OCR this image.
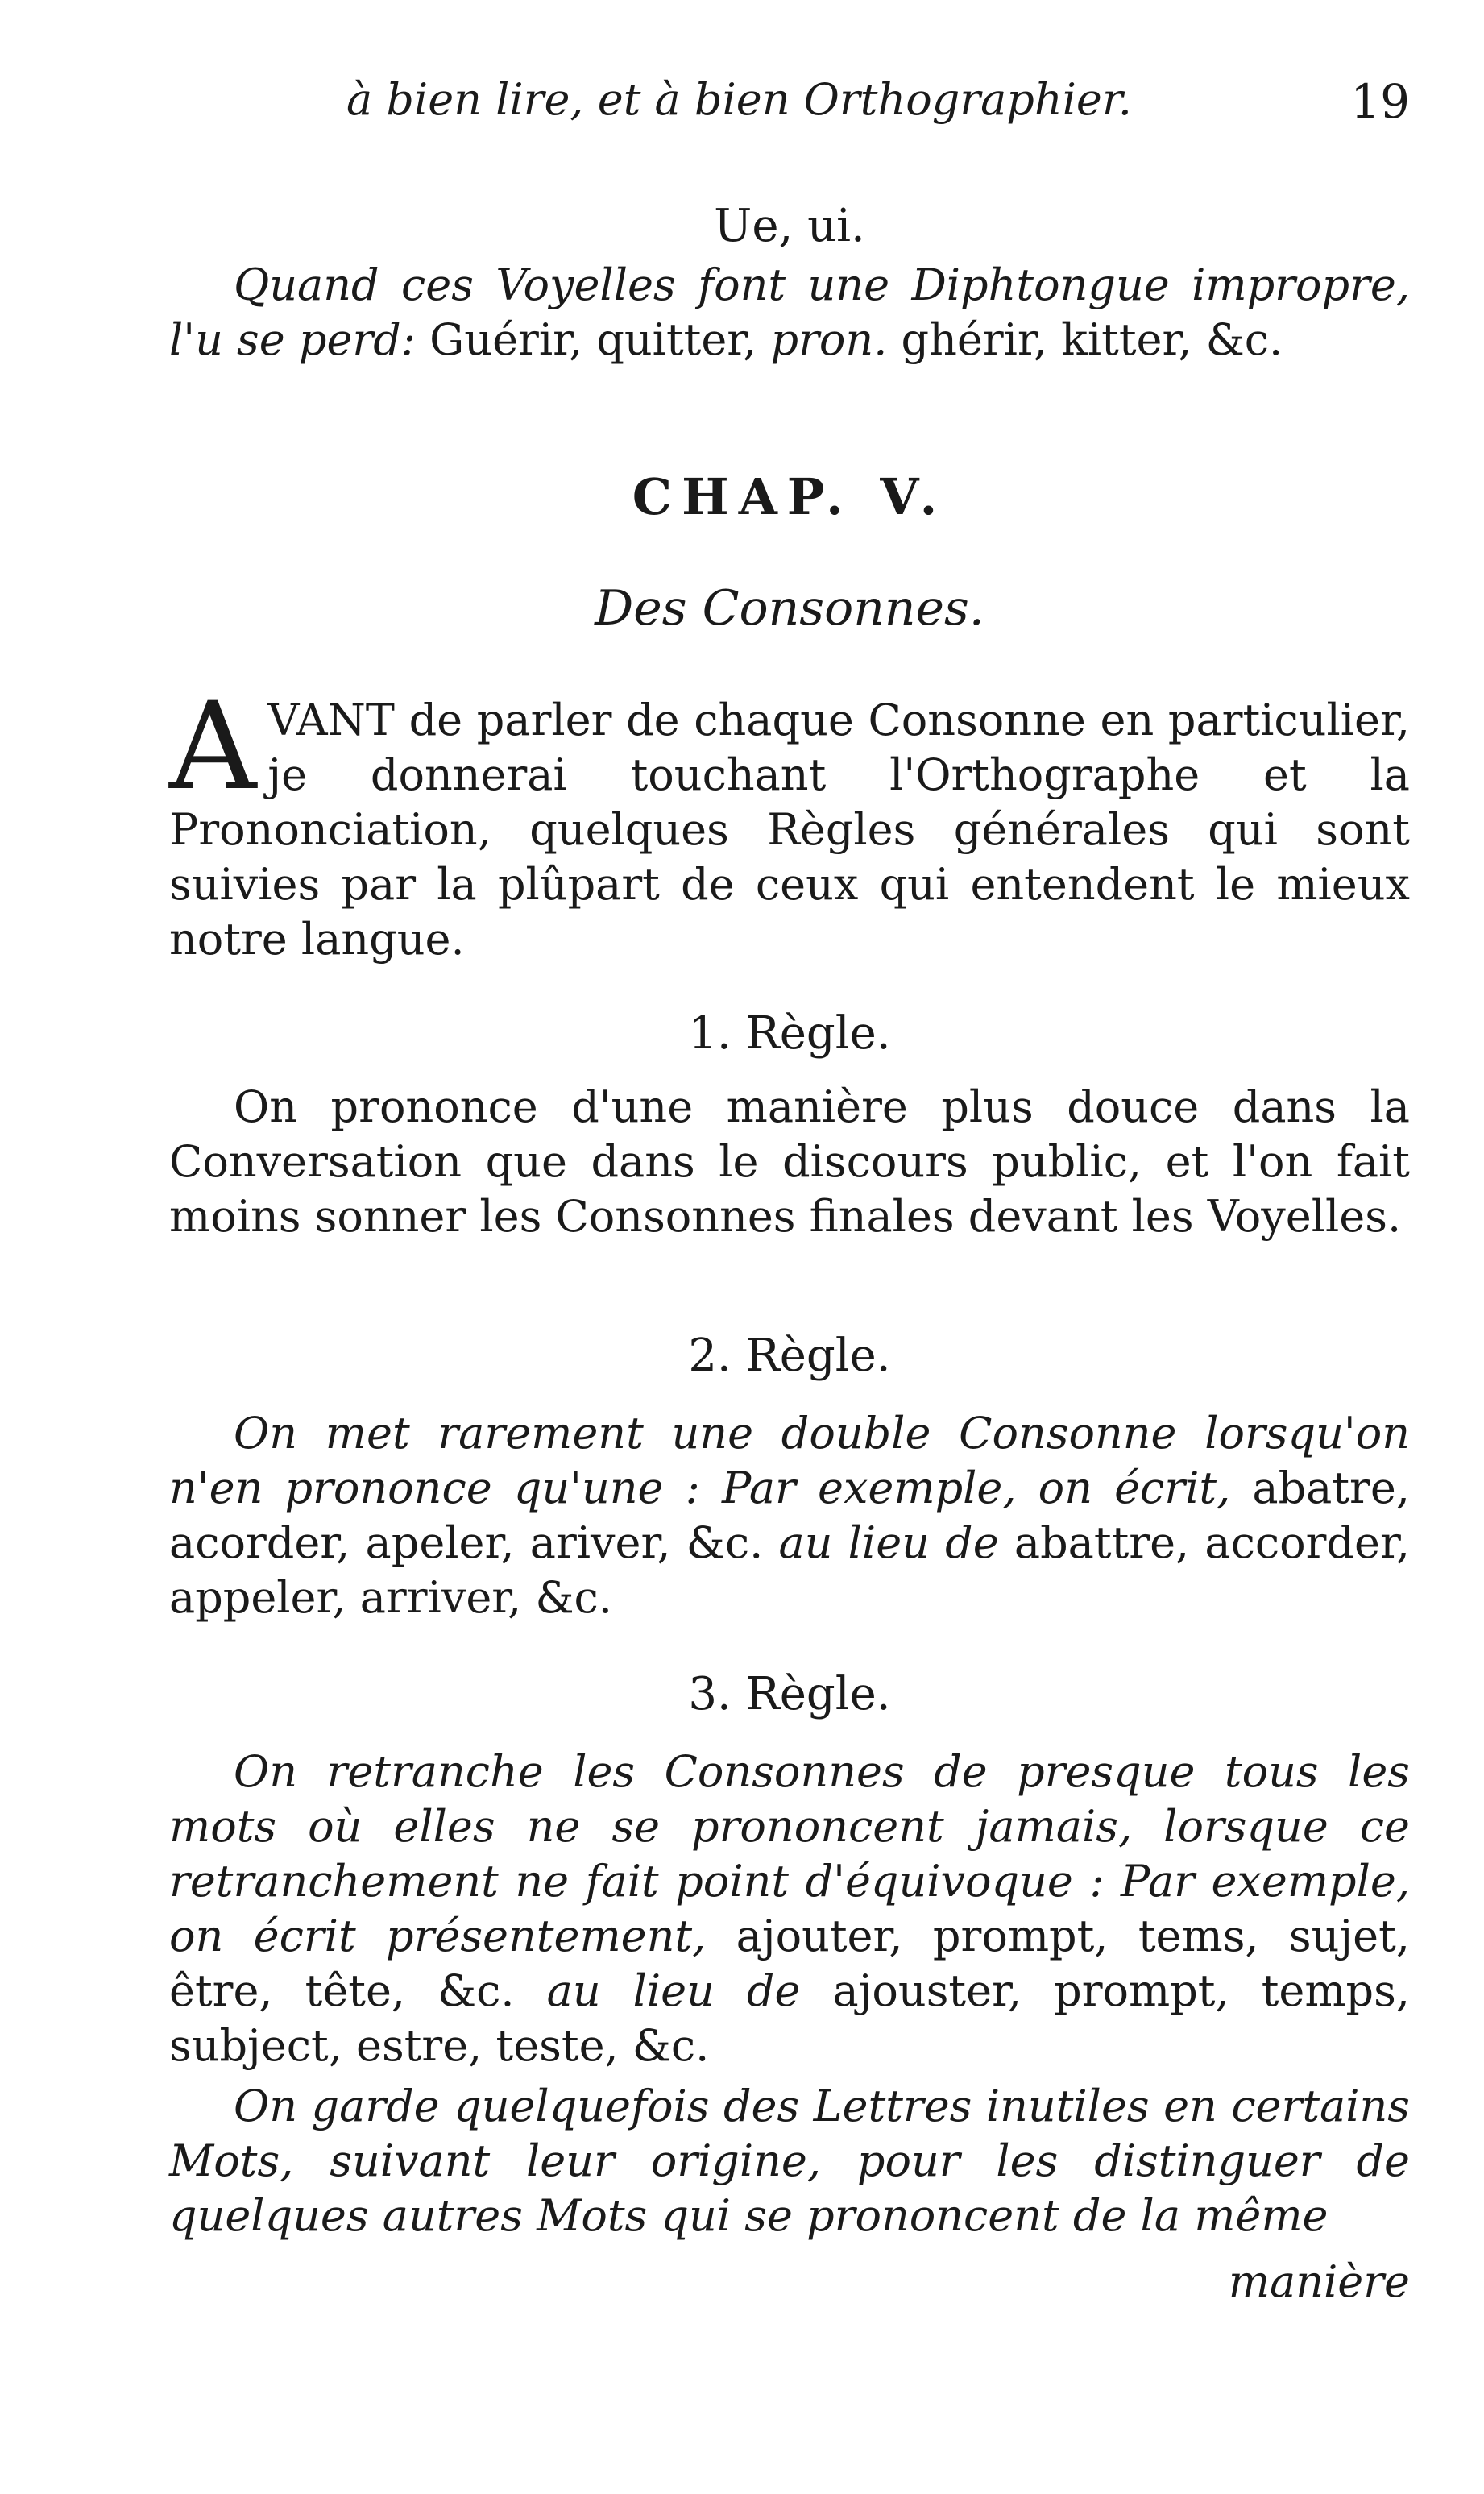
à bien lire, et à bien Orthographier.	19
Ue, ui.
Quand ces Voyelles font une Diphtongue impropre, l'u se perd: Guérir, quitter, pron. ghérir, kitter, &c.
CHAP. V.
Des Consonnes.
AVANT de parler de chaque Consonne en particulier, je donnerai touchant l'Orthographe et la Prononciation, quelques Règles générales qui sont suivies par la plûpart de ceux qui entendent le mieux notre langue.
1. Règle.
On prononce d'une manière plus douce dans la Conversation que dans le discours public, et l'on fait moins sonner les Consonnes finales devant les Voyelles.
2. Règle.
On met rarement une double Consonne lorsqu'on n'en prononce qu'une : Par exemple, on écrit, abatre, acorder, apeler, ariver, &c. au lieu de abattre, accorder, appeler, arriver, &c.
3. Règle.
On retranche les Consonnes de presque tous les mots où elles ne se prononcent jamais, lorsque ce retranchement ne fait point d'équivoque : Par exemple, on écrit présentement, ajouter, prompt, tems, sujet, être, tête, &c. au lieu de ajouster, prompt, temps, subject, estre, teste, &c.
On garde quelquefois des Lettres inutiles en certains Mots, suivant leur origine, pour les distinguer de quelques autres Mots qui se prononcent de la même
manière
